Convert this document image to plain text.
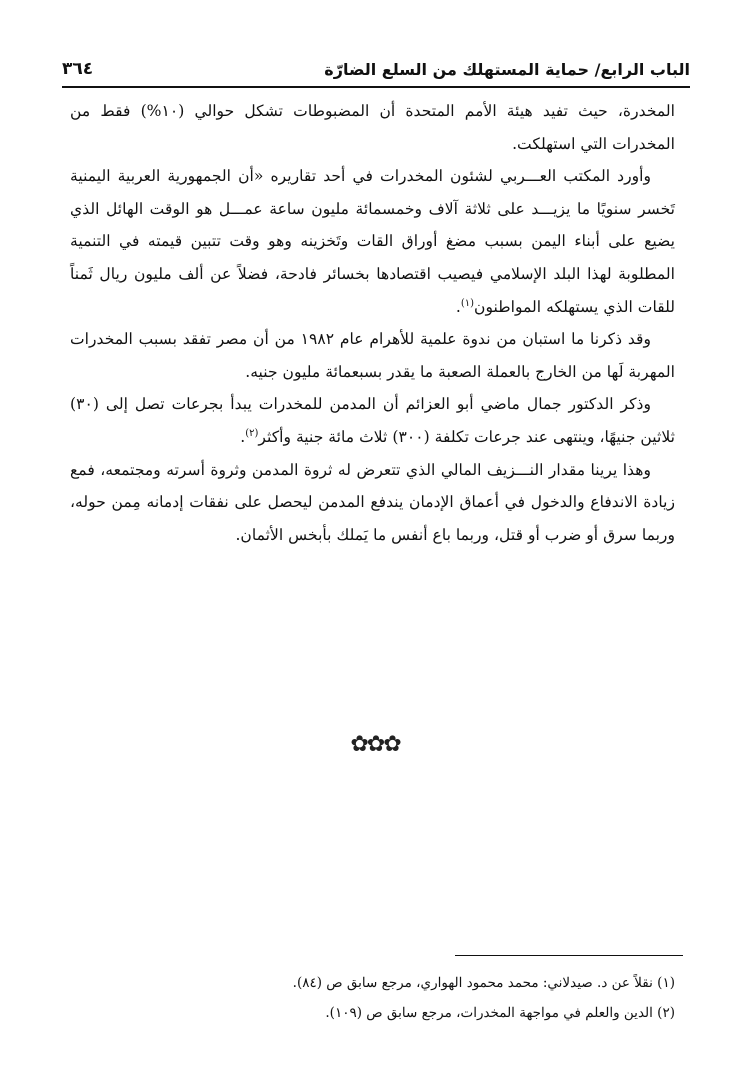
الباب الرابع/ حماية المستهلك من السلع الضارّة
٣٦٤

المخدرة، حيث تفيد هيئة الأمم المتحدة أن المضبوطات تشكل حوالي (١٠%) فقط من المخدرات التي استهلكت.

وأورد المكتب العـــربي لشئون المخدرات في أحد تقاريره «أن الجمهورية العربية اليمنية تَخسر سنويًا ما يزيـــد على ثلاثة آلاف وخمسمائة مليون ساعة عمـــل هو الوقت الهائل الذي يضيع على أبناء اليمن بسبب مضغ أوراق القات وتَخزينه وهو وقت تتبين قيمته في التنمية المطلوبة لهذا البلد الإسلامي فيصيب اقتصادها بخسائر فادحة، فضلاً عن ألف مليون ريال ثَمناً للقات الذي يستهلكه المواطنون$^{(١)}$.

وقد ذكرنا ما استبان من ندوة علمية للأهرام عام ١٩٨٢ من أن مصر تفقد بسبب المخدرات المهربة لَها من الخارج بالعملة الصعبة ما يقدر بسبعمائة مليون جنيه.

وذكر الدكتور جمال ماضي أبو العزائم أن المدمن للمخدرات يبدأ بجرعات تصل إلى (٣٠) ثلاثين جنيهًا، وينتهى عند جرعات تكلفة (٣٠٠) ثلاث مائة جنية وأكثر$^{(٢)}$.

وهذا يرينا مقدار النـــزيف المالي الذي تتعرض له ثروة المدمن وثروة أسرته ومجتمعه، فمع زيادة الاندفاع والدخول في أعماق الإدمان يندفع المدمن ليحصل على نفقات إدمانه مِمن حوله، وربما سرق أو ضرب أو قتل، وربما باع أنفس ما يَملك بأبخس الأثمان.

✿✿✿
(١) نقلاً عن د. صيدلاني: محمد محمود الهواري، مرجع سابق ص (٨٤).
(٢) الدين والعلم في مواجهة المخدرات، مرجع سابق ص (١٠٩).
